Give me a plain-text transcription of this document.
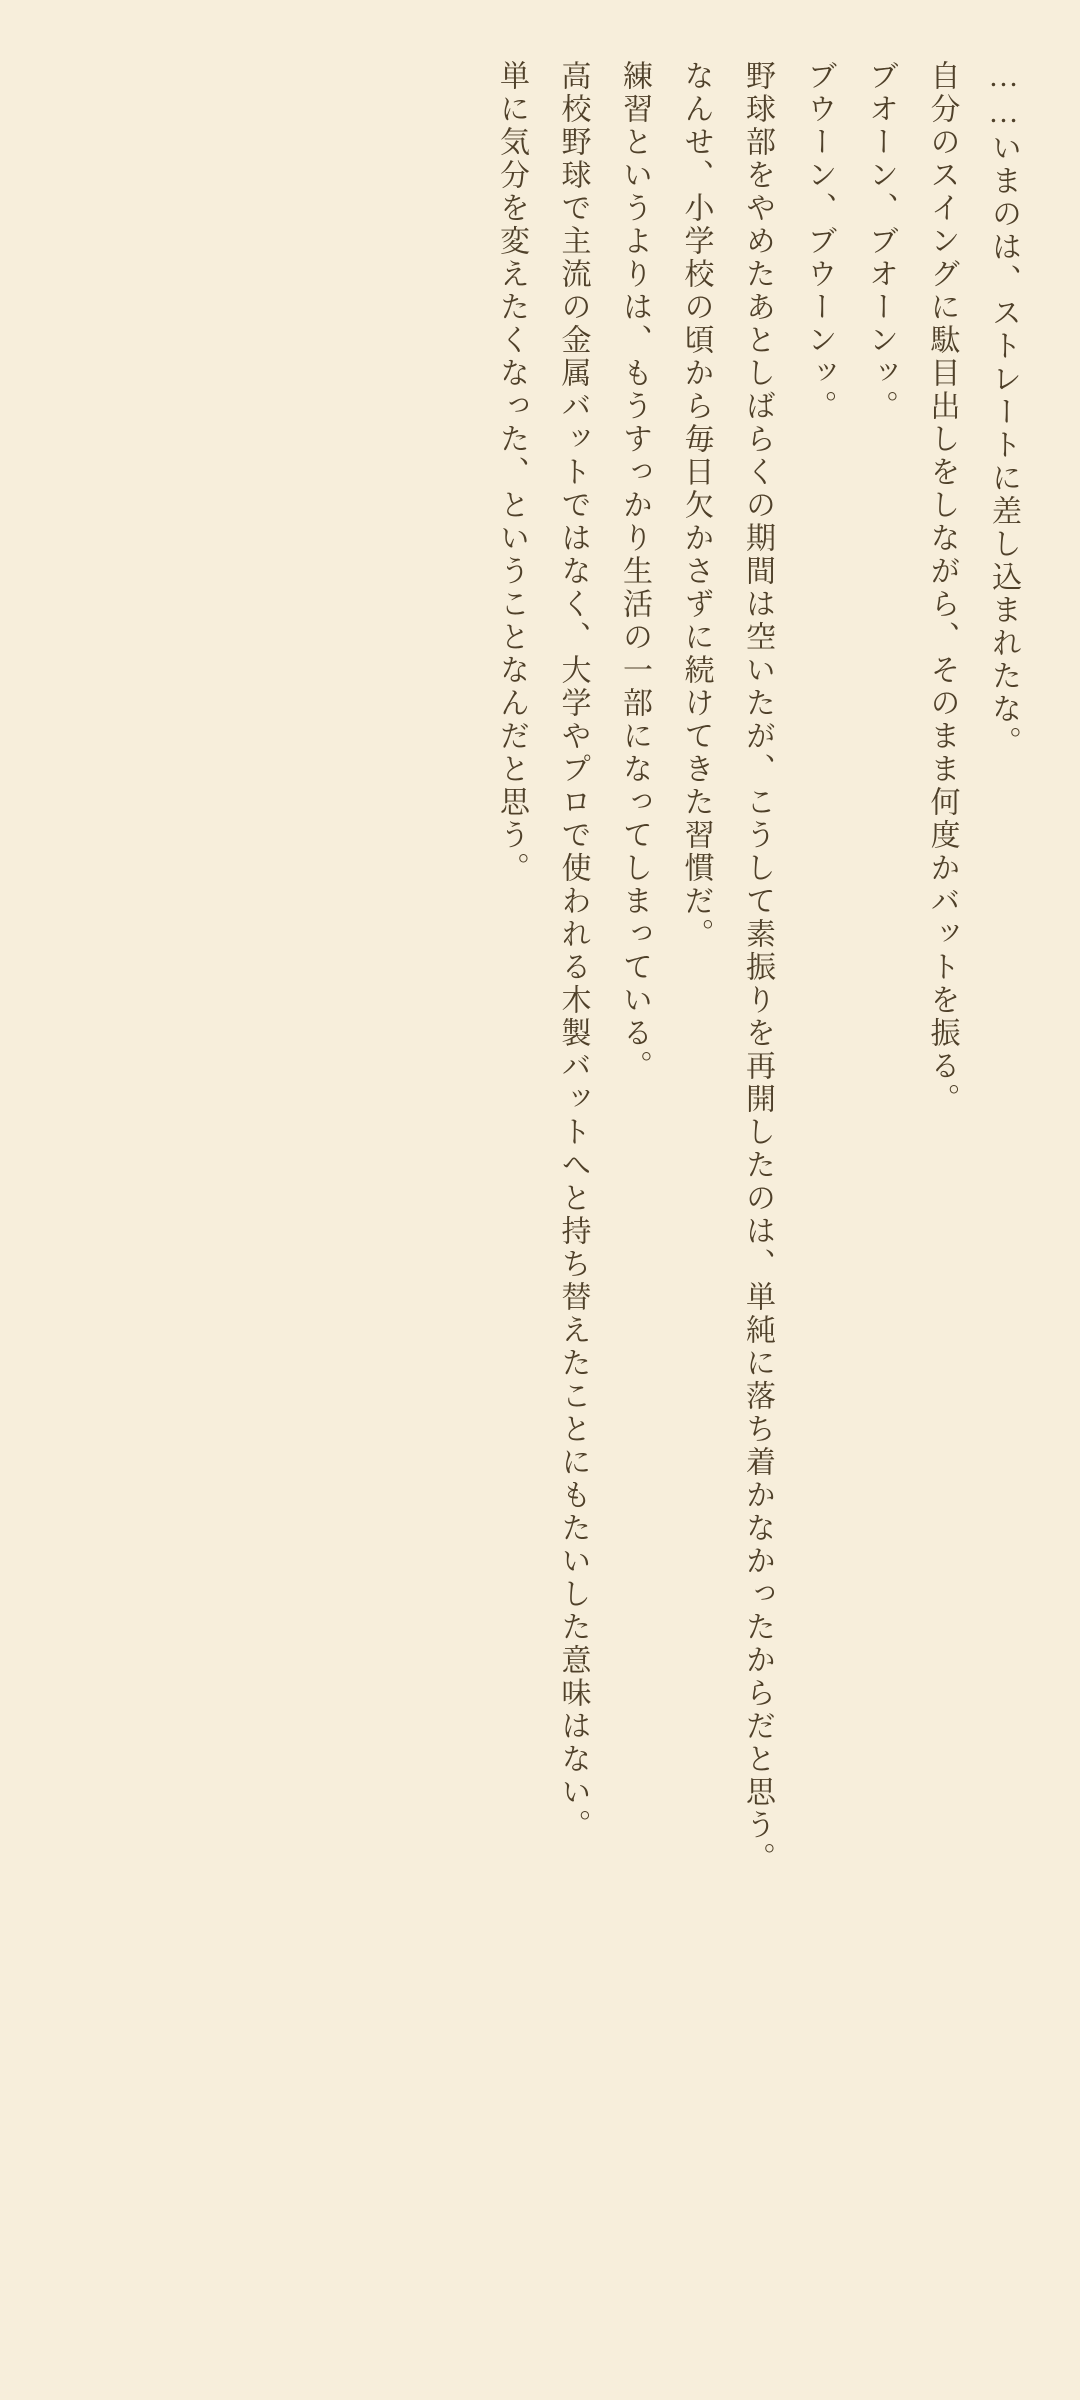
……いまのは、ストレートに差し込まれたな。

自分のスイングに駄目出しをしながら、そのまま何度かバットを振る。

ブオーン、ブオーンッ。

ブウーン、ブウーンッ。

野球部をやめたあとしばらくの期間は空いたが、こうして素振りを再開したのは、単純に落ち着かなかったからだと思う。

なんせ、小学校の頃から毎日欠かさずに続けてきた習慣だ。

練習というよりは、もうすっかり生活の一部になってしまっている。

高校野球で主流の金属バットではなく、大学やプロで使われる木製バットへと持ち替えたことにもたいした意味はない。

単に気分を変えたくなった、ということなんだと思う。
